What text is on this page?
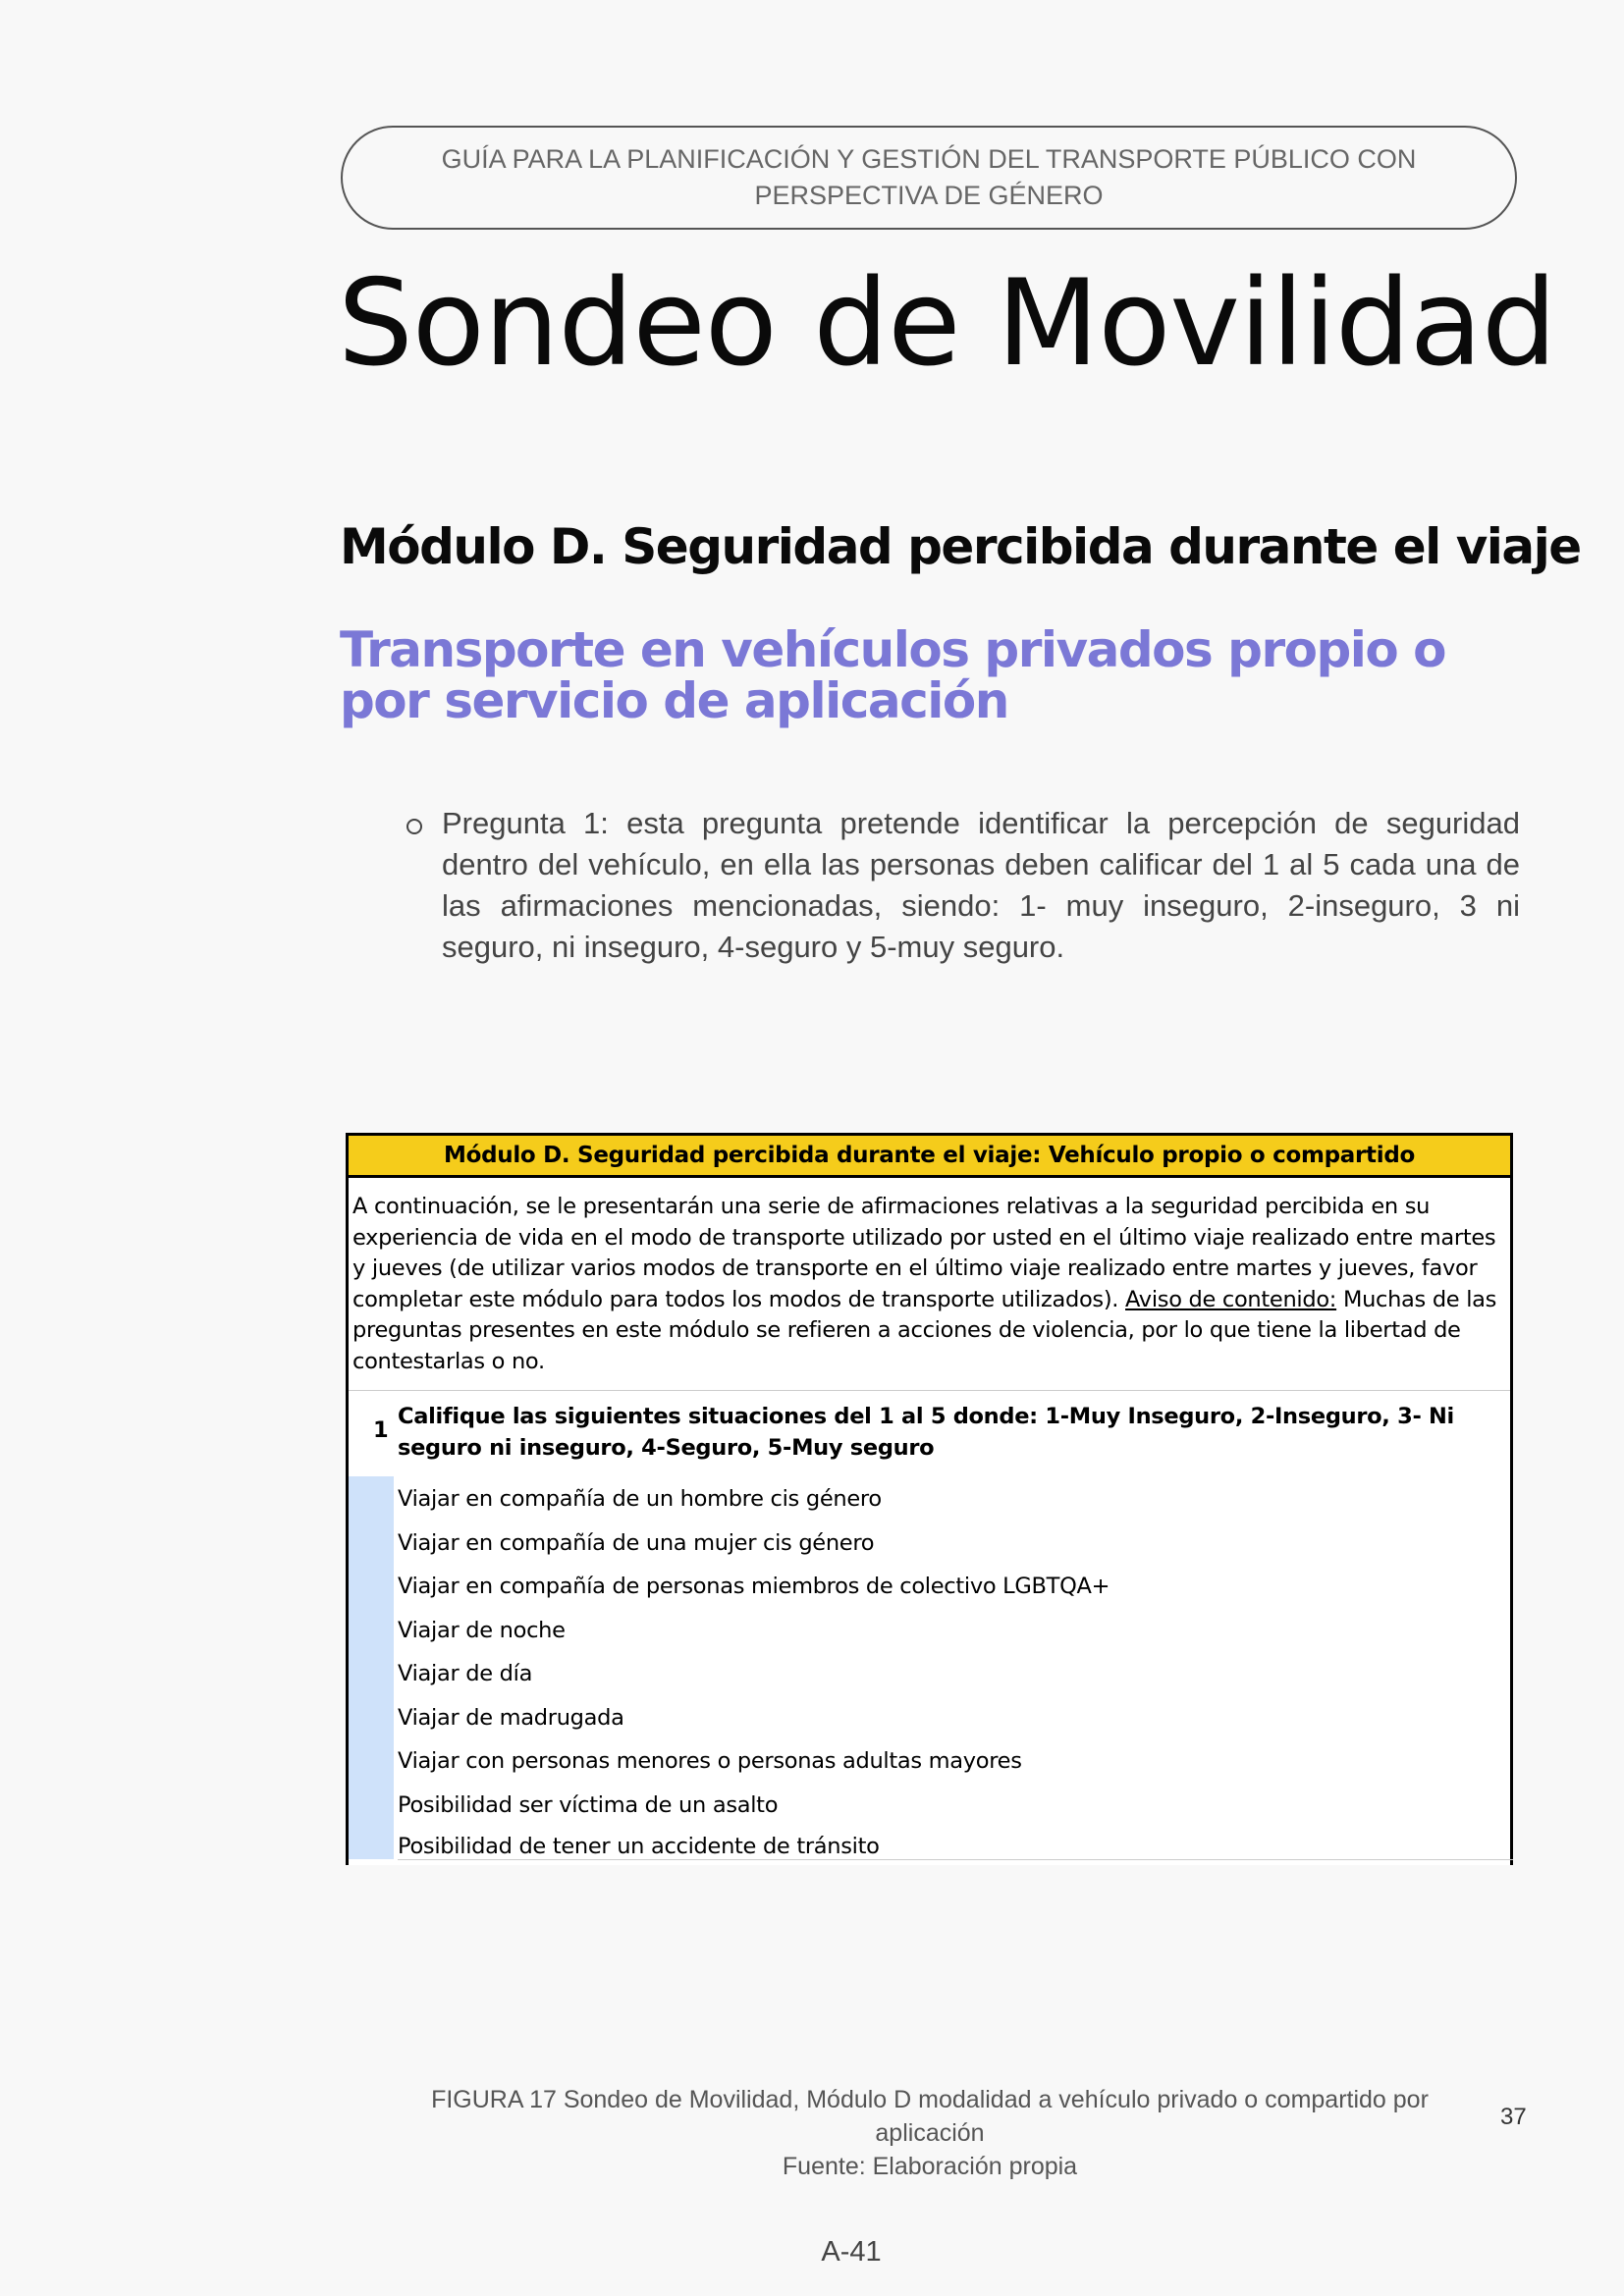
GUÍA PARA LA PLANIFICACIÓN Y GESTIÓN DEL TRANSPORTE PÚBLICO CON PERSPECTIVA DE GÉNERO
Sondeo de Movilidad
Módulo D. Seguridad percibida durante el viaje
Transporte en vehículos privados propio o por servicio de aplicación

Pregunta 1: esta pregunta pretende identificar la percepción de seguridad dentro del vehículo, en ella las personas deben calificar del 1 al 5 cada una de las afirmaciones mencionadas, siendo: 1- muy inseguro, 2-inseguro, 3 ni seguro, ni inseguro, 4-seguro y 5-muy seguro.

Módulo D. Seguridad percibida durante el viaje: Vehículo propio o compartido
A continuación, se le presentarán una serie de afirmaciones relativas a la seguridad percibida en su experiencia de vida en el modo de transporte utilizado por usted en el último viaje realizado entre martes y jueves (de utilizar varios modos de transporte en el último viaje realizado entre martes y jueves, favor completar este módulo para todos los modos de transporte utilizados). Aviso de contenido: Muchas de las preguntas presentes en este módulo se refieren a acciones de violencia, por lo que tiene la libertad de contestarlas o no.
1
Califique las siguientes situaciones del 1 al 5 donde: 1-Muy Inseguro, 2-Inseguro, 3- Ni seguro ni inseguro, 4-Seguro, 5-Muy seguro
Viajar en compañía de un hombre cis género
Viajar en compañía de una mujer cis género
Viajar en compañía de personas miembros de colectivo LGBTQA+
Viajar de noche
Viajar de día
Viajar de madrugada
Viajar con personas menores o personas adultas mayores
Posibilidad ser víctima de un asalto
Posibilidad de tener un accidente de tránsito
FIGURA 17 Sondeo de Movilidad, Módulo D modalidad a vehículo privado o compartido por aplicación
Fuente: Elaboración propia
37
A-41
